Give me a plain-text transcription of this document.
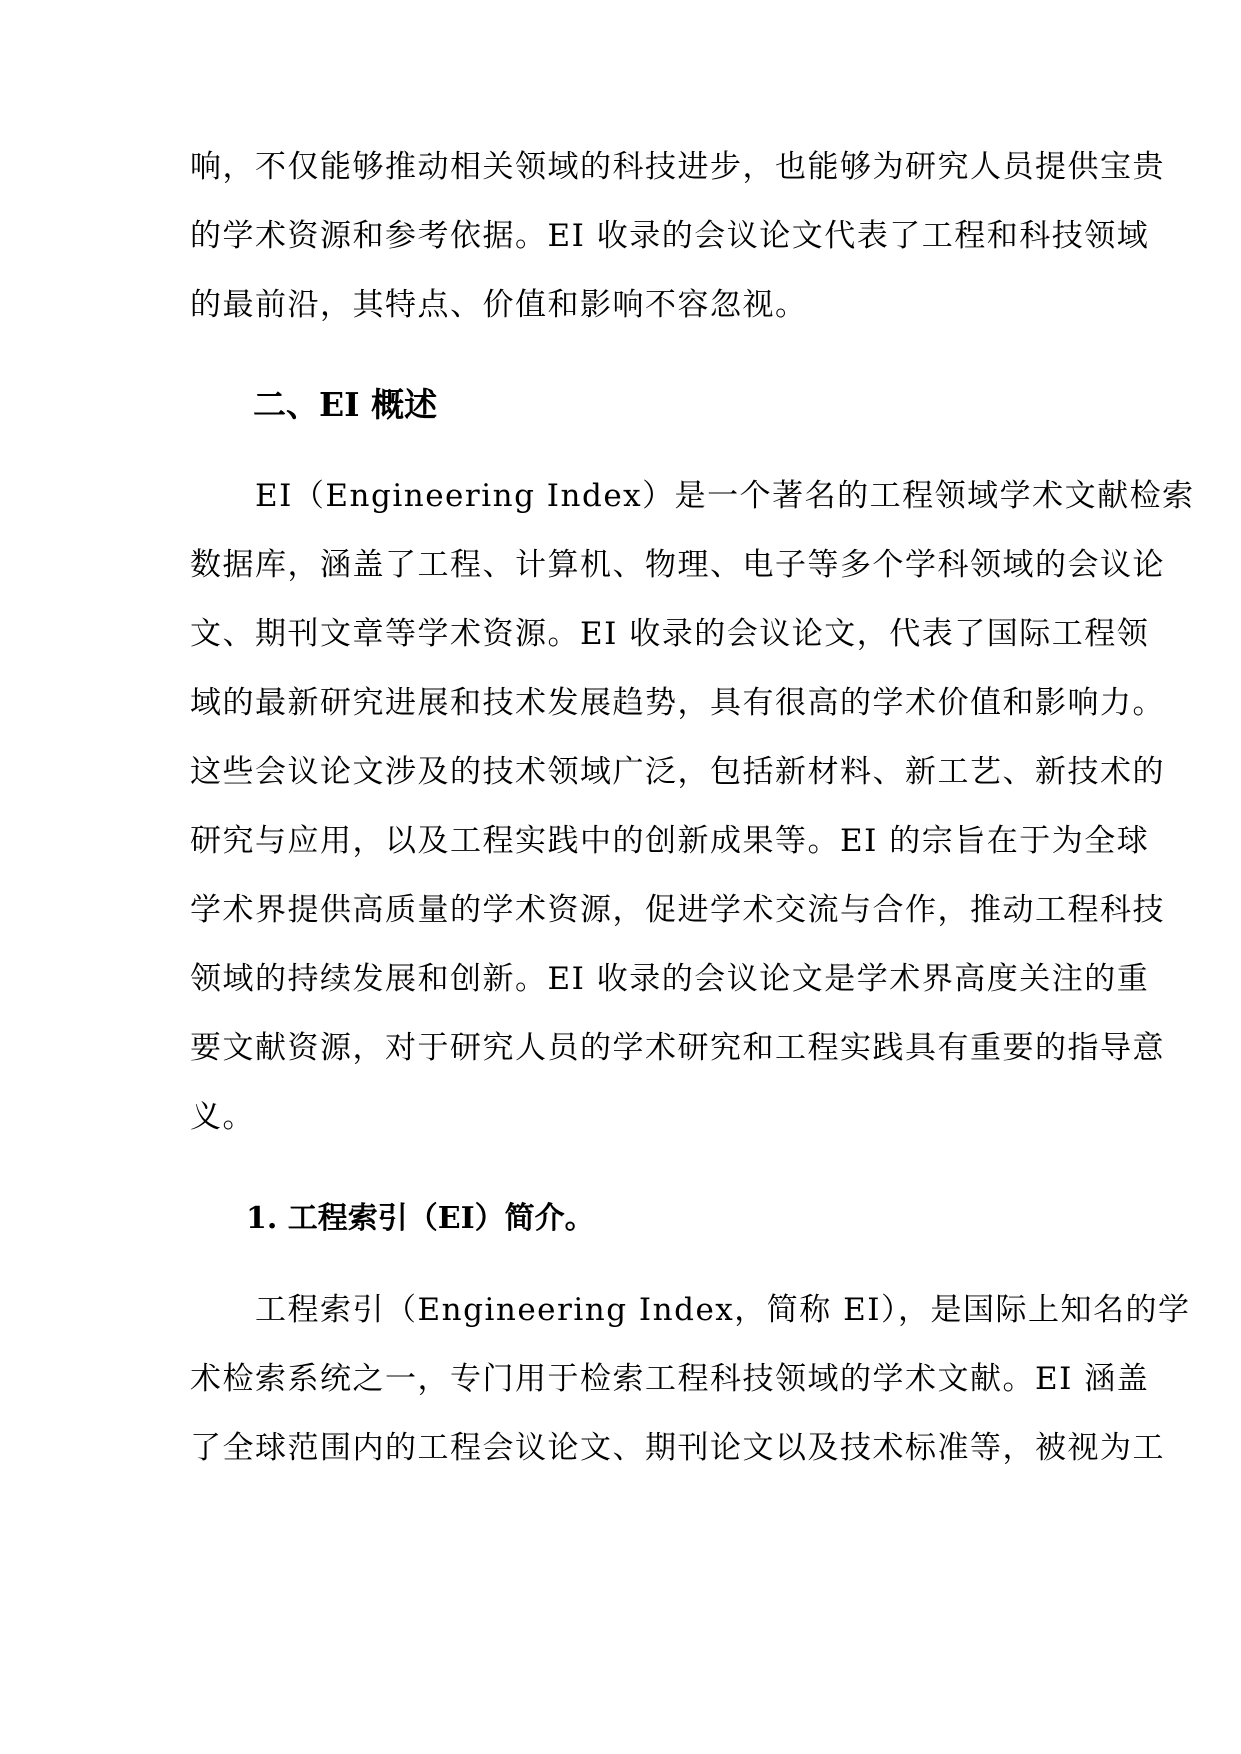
响，不仅能够推动相关领域的科技进步，也能够为研究人员提供宝贵

的学术资源和参考依据。EI 收录的会议论文代表了工程和科技领域

的最前沿，其特点、价值和影响不容忽视。

二、EI 概述

　　EI（Engineering Index）是一个著名的工程领域学术文献检索

数据库，涵盖了工程、计算机、物理、电子等多个学科领域的会议论

文、期刊文章等学术资源。EI 收录的会议论文，代表了国际工程领

域的最新研究进展和技术发展趋势，具有很高的学术价值和影响力。

这些会议论文涉及的技术领域广泛，包括新材料、新工艺、新技术的

研究与应用，以及工程实践中的创新成果等。EI 的宗旨在于为全球

学术界提供高质量的学术资源，促进学术交流与合作，推动工程科技

领域的持续发展和创新。EI 收录的会议论文是学术界高度关注的重

要文献资源，对于研究人员的学术研究和工程实践具有重要的指导意

义。

1. 工程索引（EI）简介。

　　工程索引（Engineering Index，简称 EI），是国际上知名的学

术检索系统之一，专门用于检索工程科技领域的学术文献。EI 涵盖

了全球范围内的工程会议论文、期刊论文以及技术标准等，被视为工
